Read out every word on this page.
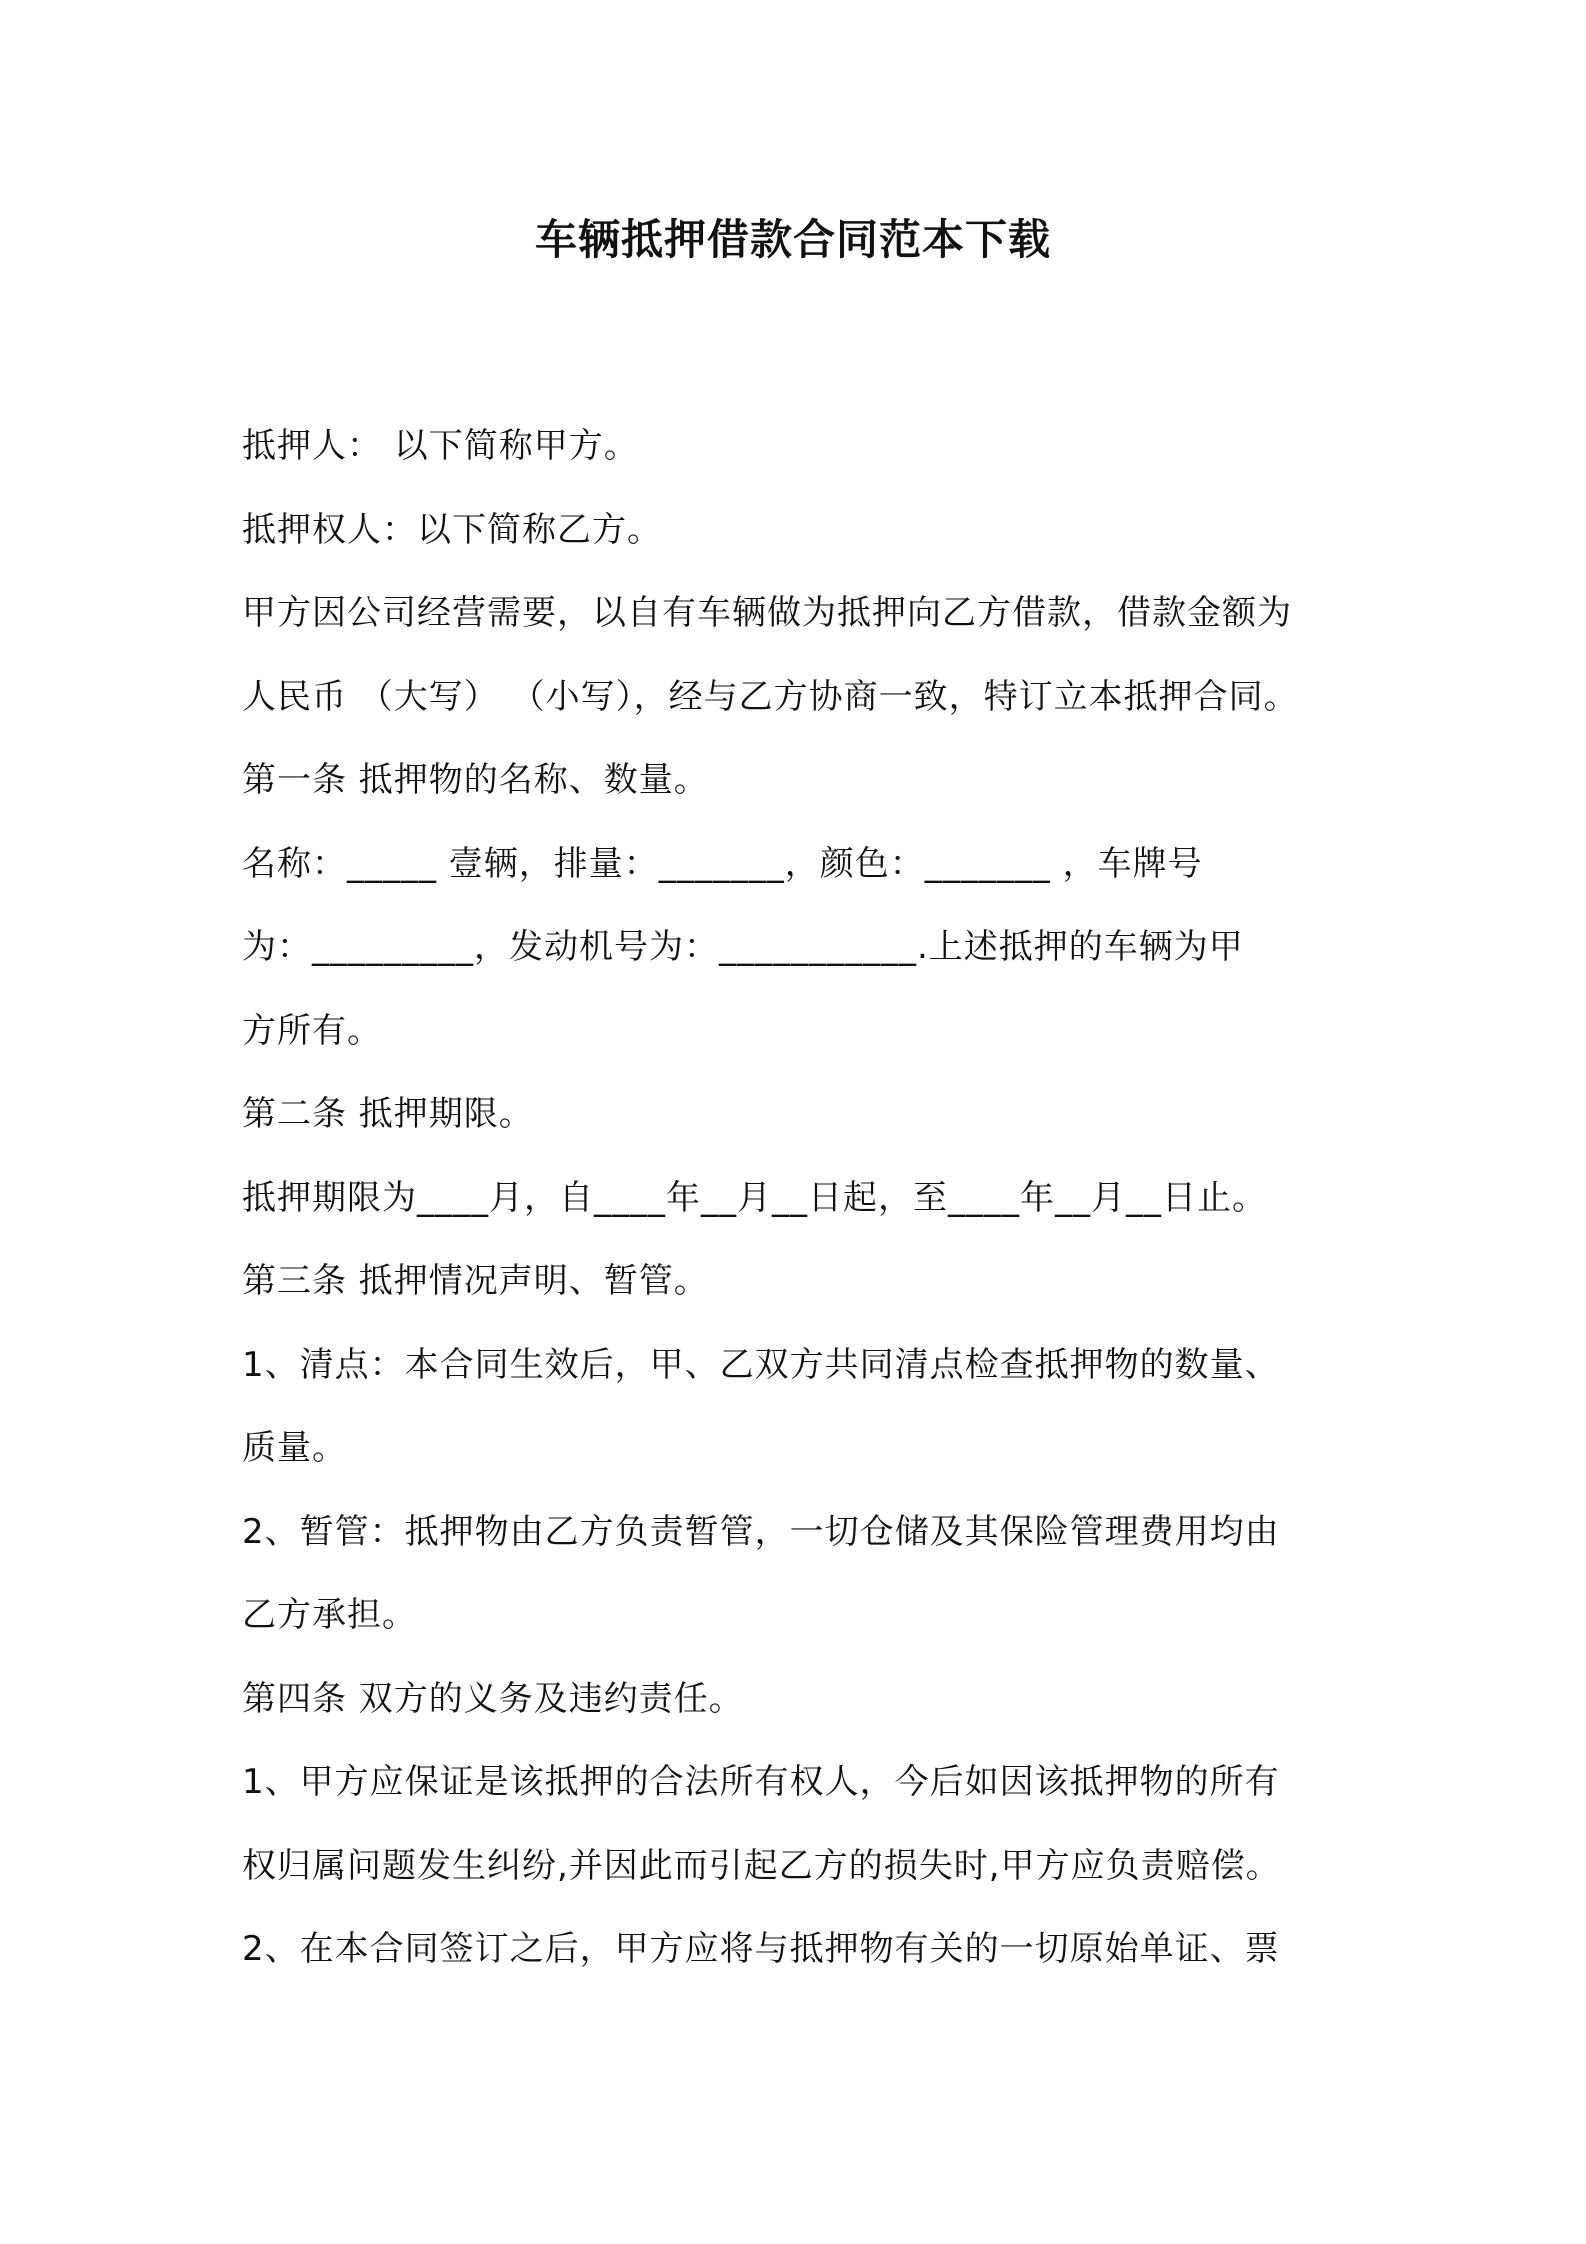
车辆抵押借款合同范本下载

抵押人： 以下简称甲方。

抵押权人：以下简称乙方。

甲方因公司经营需要，以自有车辆做为抵押向乙方借款，借款金额为

人民币 （大写） （小写），经与乙方协商一致，特订立本抵押合同。

第一条 抵押物的名称、数量。

名称：_____ 壹辆，排量：_______，颜色：_______ ，车牌号

为：_________，发动机号为：___________.上述抵押的车辆为甲

方所有。

第二条 抵押期限。

抵押期限为____月，自____年__月__日起，至____年__月__日止。

第三条 抵押情况声明、暂管。

1、清点：本合同生效后，甲、乙双方共同清点检查抵押物的数量、

质量。

2、暂管：抵押物由乙方负责暂管，一切仓储及其保险管理费用均由

乙方承担。

第四条 双方的义务及违约责任。

1、甲方应保证是该抵押的合法所有权人，今后如因该抵押物的所有

权归属问题发生纠纷,并因此而引起乙方的损失时,甲方应负责赔偿。

2、在本合同签订之后，甲方应将与抵押物有关的一切原始单证、票
